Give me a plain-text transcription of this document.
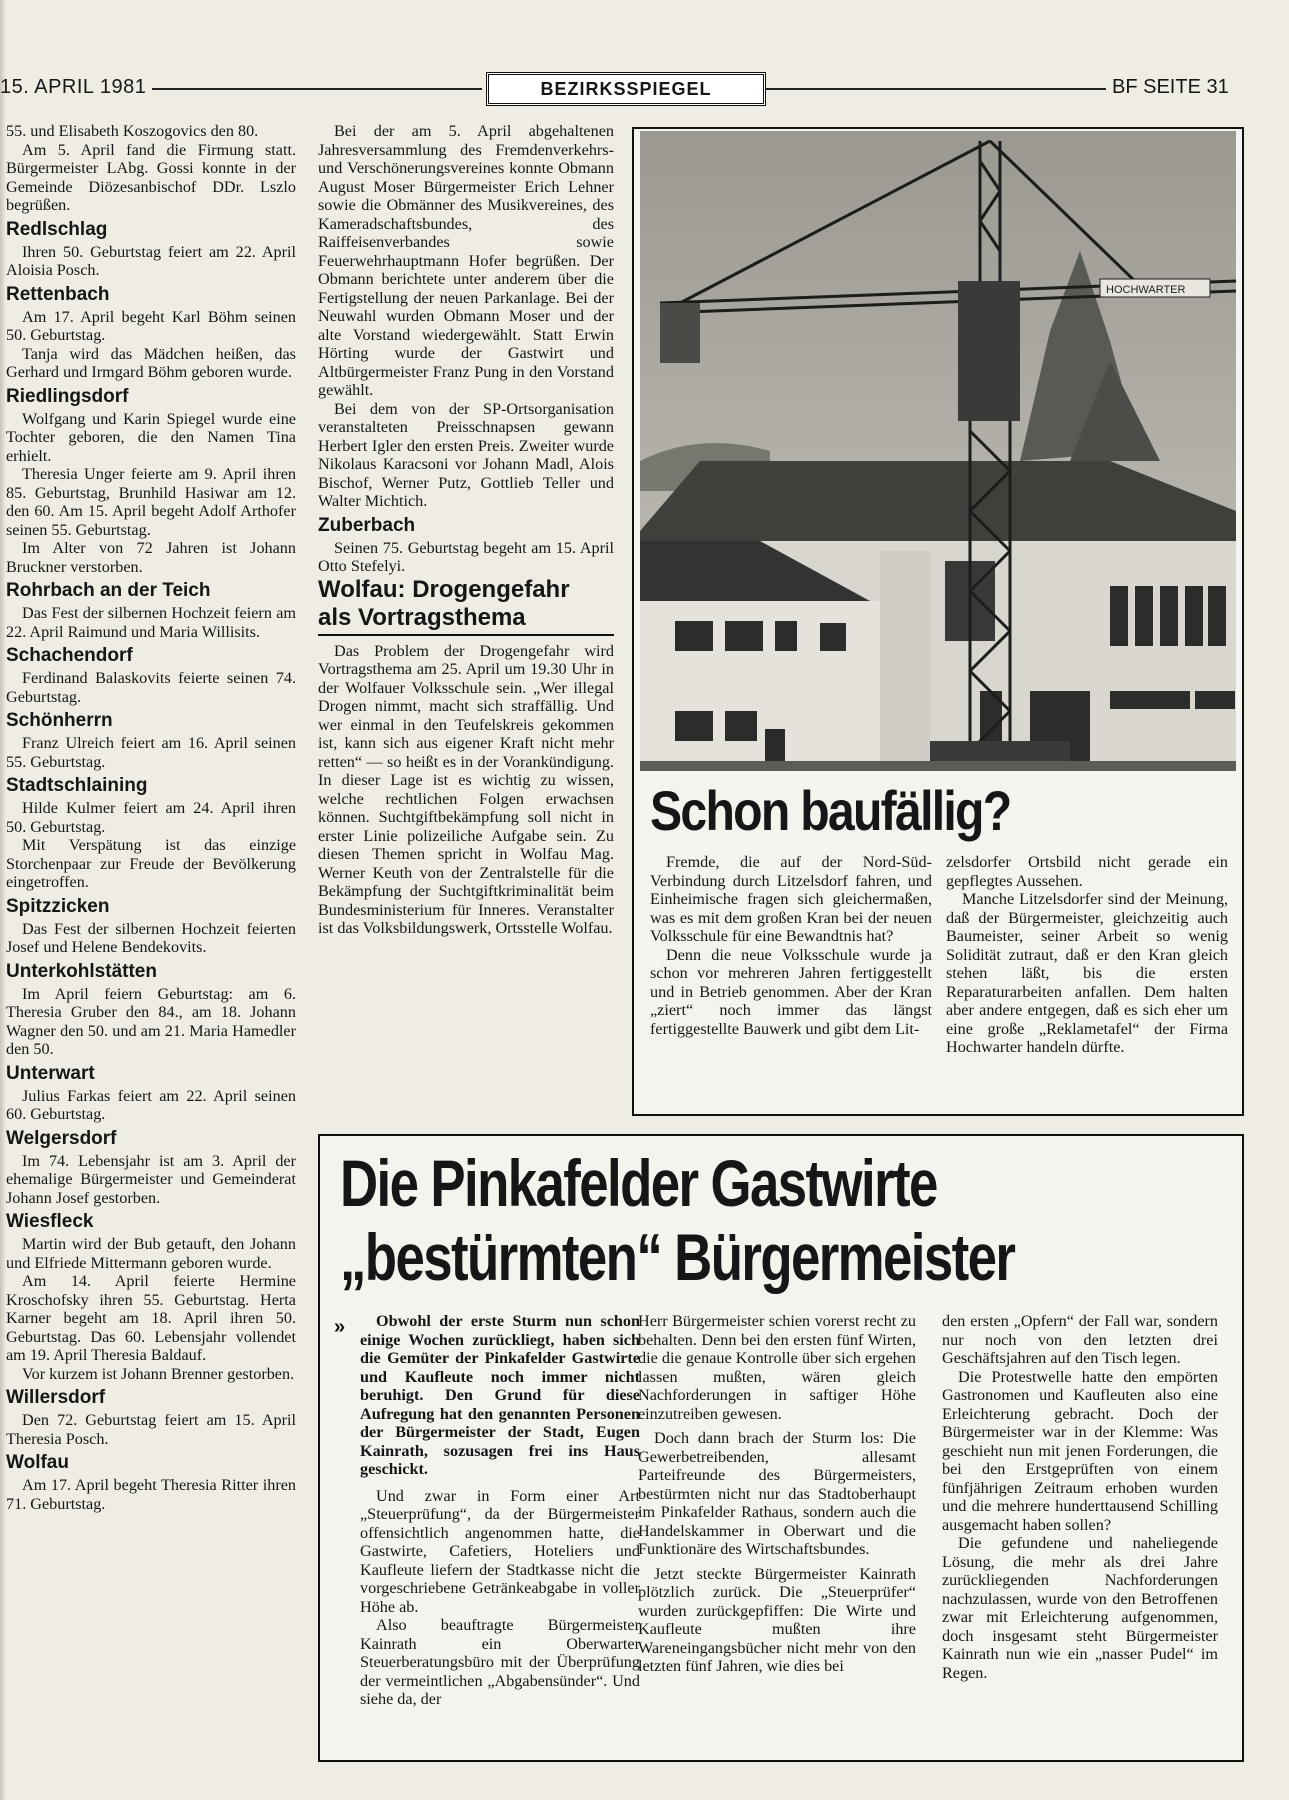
15. APRIL 1981	BEZIRKSSPIEGEL	BF SEITE 31

55. und Elisabeth Koszogovics den 80.

Am 5. April fand die Firmung statt. Bürgermeister LAbg. Gossi konnte in der Gemeinde Diözesanbischof DDr. Lszlo begrüßen.

Redlschlag

Ihren 50. Geburtstag feiert am 22. April Aloisia Posch.

Rettenbach

Am 17. April begeht Karl Böhm seinen 50. Geburtstag.

Tanja wird das Mädchen heißen, das Gerhard und Irmgard Böhm geboren wurde.

Riedlingsdorf

Wolfgang und Karin Spiegel wurde eine Tochter geboren, die den Namen Tina erhielt.

Theresia Unger feierte am 9. April ihren 85. Geburtstag, Brunhild Hasiwar am 12. den 60. Am 15. April begeht Adolf Arthofer seinen 55. Geburtstag.

Im Alter von 72 Jahren ist Johann Bruckner verstorben.

Rohrbach an der Teich

Das Fest der silbernen Hochzeit feiern am 22. April Raimund und Maria Willisits.

Schachendorf

Ferdinand Balaskovits feierte seinen 74. Geburtstag.

Schönherrn

Franz Ulreich feiert am 16. April seinen 55. Geburtstag.

Stadtschlaining

Hilde Kulmer feiert am 24. April ihren 50. Geburtstag.

Mit Verspätung ist das einzige Storchenpaar zur Freude der Bevölkerung eingetroffen.

Spitzzicken

Das Fest der silbernen Hochzeit feierten Josef und Helene Bendekovits.

Unterkohlstätten

Im April feiern Geburtstag: am 6. Theresia Gruber den 84., am 18. Johann Wagner den 50. und am 21. Maria Hamedler den 50.

Unterwart

Julius Farkas feiert am 22. April seinen 60. Geburtstag.

Welgersdorf

Im 74. Lebensjahr ist am 3. April der ehemalige Bürgermeister und Gemeinderat Johann Josef gestorben.

Wiesfleck

Martin wird der Bub getauft, den Johann und Elfriede Mittermann geboren wurde.

Am 14. April feierte Hermine Kroschofsky ihren 55. Geburtstag. Herta Karner begeht am 18. April ihren 50. Geburtstag. Das 60. Lebensjahr vollendet am 19. April Theresia Baldauf.

Vor kurzem ist Johann Brenner gestorben.

Willersdorf

Den 72. Geburtstag feiert am 15. April Theresia Posch.

Wolfau

Am 17. April begeht Theresia Ritter ihren 71. Geburtstag.

Bei der am 5. April abgehaltenen Jahresversammlung des Fremdenverkehrs- und Verschönerungsvereines konnte Obmann August Moser Bürgermeister Erich Lehner sowie die Obmänner des Musikvereines, des Kameradschaftsbundes, des Raiffeisenverbandes sowie Feuerwehrhauptmann Hofer begrüßen. Der Obmann berichtete unter anderem über die Fertigstellung der neuen Parkanlage. Bei der Neuwahl wurden Obmann Moser und der alte Vorstand wiedergewählt. Statt Erwin Hörting wurde der Gastwirt und Altbürgermeister Franz Pung in den Vorstand gewählt.

Bei dem von der SP-Ortsorganisation veranstalteten Preisschnapsen gewann Herbert Igler den ersten Preis. Zweiter wurde Nikolaus Karacsoni vor Johann Madl, Alois Bischof, Werner Putz, Gottlieb Teller und Walter Michtich.

Zuberbach

Seinen 75. Geburtstag begeht am 15. April Otto Stefelyi.

Wolfau: Drogengefahr
als Vortragsthema

Das Problem der Drogengefahr wird Vortragsthema am 25. April um 19.30 Uhr in der Wolfauer Volksschule sein. „Wer illegal Drogen nimmt, macht sich straffällig. Und wer einmal in den Teufelskreis gekommen ist, kann sich aus eigener Kraft nicht mehr retten“ — so heißt es in der Vorankündigung. In dieser Lage ist es wichtig zu wissen, welche rechtlichen Folgen erwachsen können. Suchtgiftbekämpfung soll nicht in erster Linie polizeiliche Aufgabe sein. Zu diesen Themen spricht in Wolfau Mag. Werner Keuth von der Zentralstelle für die Bekämpfung der Suchtgiftkriminalität beim Bundesministerium für Inneres. Veranstalter ist das Volksbildungswerk, Ortsstelle Wolfau.

HOCHWARTER
Schon baufällig?

Fremde, die auf der Nord-Süd-Verbindung durch Litzelsdorf fahren, und Einheimische fragen sich gleichermaßen, was es mit dem großen Kran bei der neuen Volksschule für eine Bewandtnis hat?

Denn die neue Volksschule wurde ja schon vor mehreren Jahren fertiggestellt und in Betrieb genommen. Aber der Kran „ziert“ noch immer das längst fertiggestellte Bauwerk und gibt dem Lit-

zelsdorfer Ortsbild nicht gerade ein gepflegtes Aussehen.

Manche Litzelsdorfer sind der Meinung, daß der Bürgermeister, gleichzeitig auch Baumeister, seiner Arbeit so wenig Solidität zutraut, daß er den Kran gleich stehen läßt, bis die ersten Reparaturarbeiten anfallen. Dem halten aber andere entgegen, daß es sich eher um eine große „Reklametafel“ der Firma Hochwarter handeln dürfte.

Die Pinkafelder Gastwirte
„bestürmten“ Bürgermeister
»	Obwohl der erste Sturm nun schon einige Wochen zurückliegt, haben sich die Gemüter der Pinkafelder Gastwirte und Kaufleute noch immer nicht beruhigt. Den Grund für diese Aufregung hat den genannten Personen der Bürgermeister der Stadt, Eugen Kainrath, sozusagen frei ins Haus geschickt.

Und zwar in Form einer Art „Steuerprüfung“, da der Bürgermeister offensichtlich angenommen hatte, die Gastwirte, Cafetiers, Hoteliers und Kaufleute liefern der Stadtkasse nicht die vorgeschriebene Getränkeabgabe in voller Höhe ab.

Also beauftragte Bürgermeister Kainrath ein Oberwarter Steuerberatungsbüro mit der Überprüfung der vermeintlichen „Abgabensünder“. Und siehe da, der

Herr Bürgermeister schien vorerst recht zu behalten. Denn bei den ersten fünf Wirten, die die genaue Kontrolle über sich ergehen lassen mußten, wären gleich Nachforderungen in saftiger Höhe einzutreiben gewesen.

Doch dann brach der Sturm los: Die Gewerbetreibenden, allesamt Parteifreunde des Bürgermeisters, bestürmten nicht nur das Stadtoberhaupt im Pinkafelder Rathaus, sondern auch die Handelskammer in Oberwart und die Funktionäre des Wirtschaftsbundes.

Jetzt steckte Bürgermeister Kainrath plötzlich zurück. Die „Steuerprüfer“ wurden zurückgepfiffen: Die Wirte und Kaufleute mußten ihre Wareneingangsbücher nicht mehr von den letzten fünf Jahren, wie dies bei

den ersten „Opfern“ der Fall war, sondern nur noch von den letzten drei Geschäftsjahren auf den Tisch legen.

Die Protestwelle hatte den empörten Gastronomen und Kaufleuten also eine Erleichterung gebracht. Doch der Bürgermeister war in der Klemme: Was geschieht nun mit jenen Forderungen, die bei den Erstgeprüften von einem fünfjährigen Zeitraum erhoben wurden und die mehrere hunderttausend Schilling ausgemacht haben sollen?

Die gefundene und naheliegende Lösung, die mehr als drei Jahre zurückliegenden Nachforderungen nachzulassen, wurde von den Betroffenen zwar mit Erleichterung aufgenommen, doch insgesamt steht Bürgermeister Kainrath nun wie ein „nasser Pudel“ im Regen.
